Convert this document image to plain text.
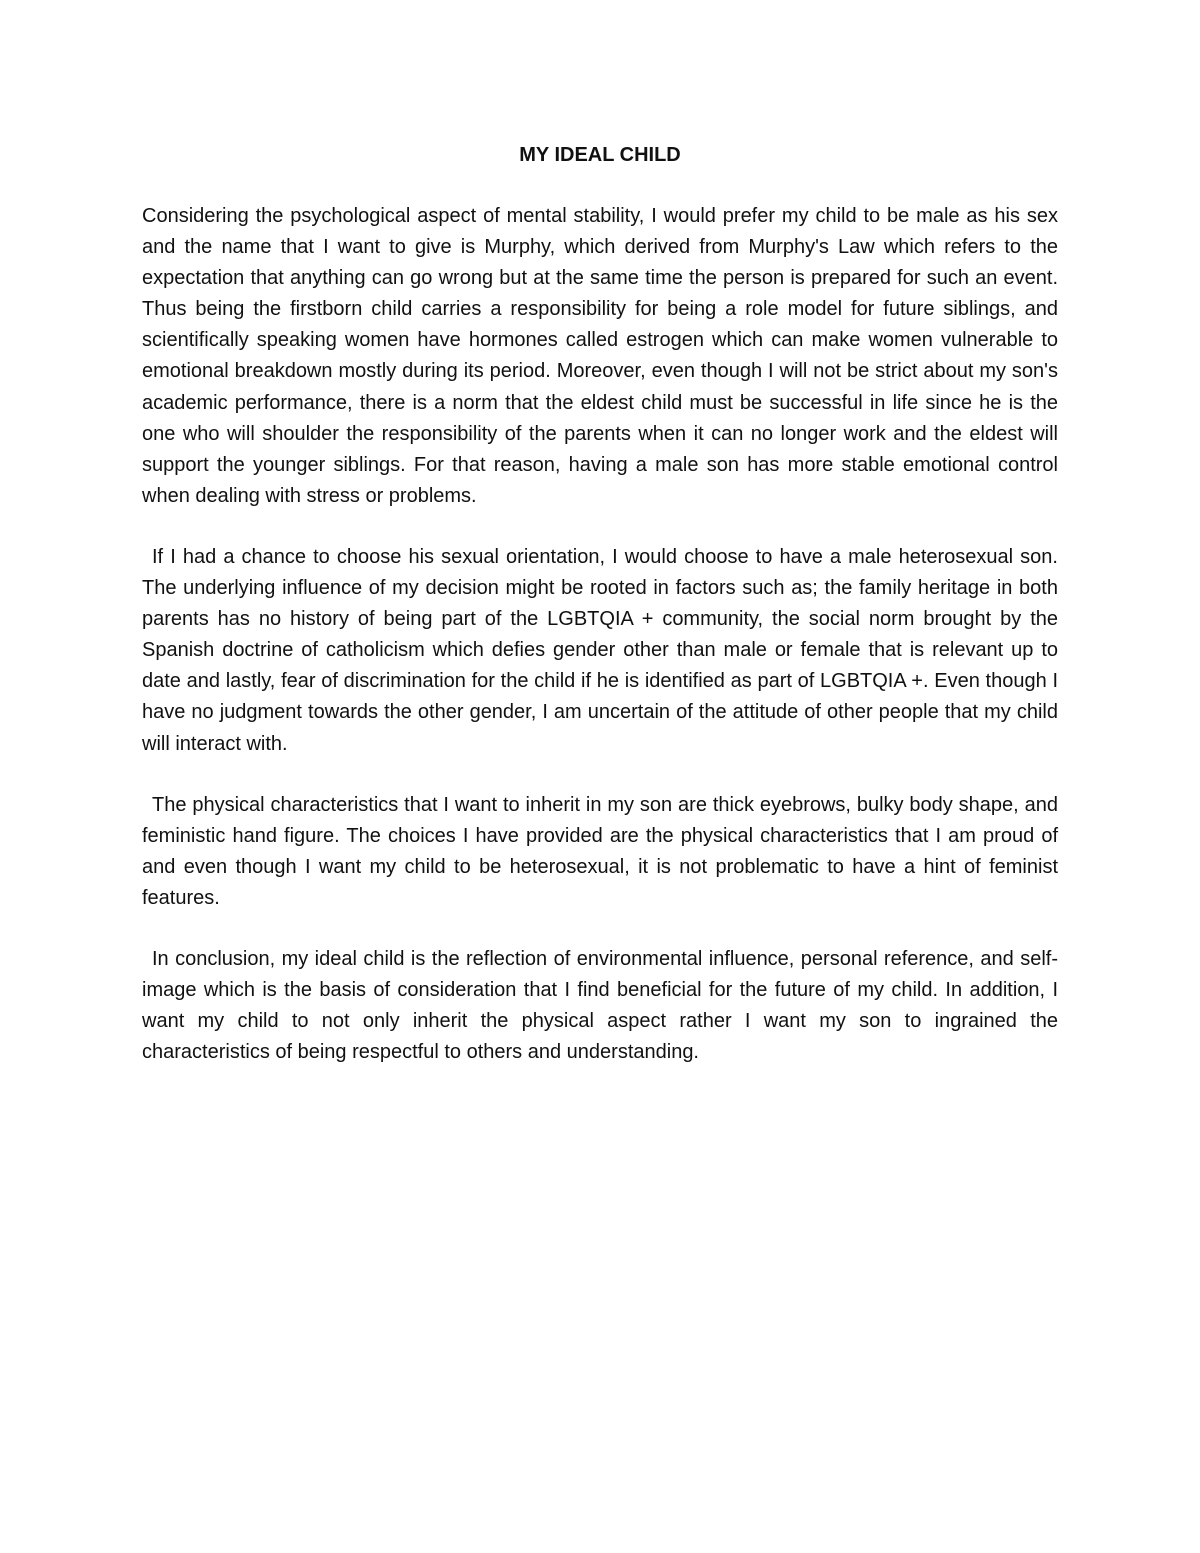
MY IDEAL CHILD

Considering the psychological aspect of mental stability, I would prefer my child to be male as his sex and the name that I want to give is Murphy, which derived from Murphy's Law which refers to the expectation that anything can go wrong but at the same time the person is prepared for such an event. Thus being the firstborn child carries a responsibility for being a role model for future siblings, and scientifically speaking women have hormones called estrogen which can make women vulnerable to emotional breakdown mostly during its period. Moreover, even though I will not be strict about my son's academic performance, there is a norm that the eldest child must be successful in life since he is the one who will shoulder the responsibility of the parents when it can no longer work and the eldest will support the younger siblings. For that reason, having a male son has more stable emotional control when dealing with stress or problems.

If I had a chance to choose his sexual orientation, I would choose to have a male heterosexual son. The underlying influence of my decision might be rooted in factors such as; the family heritage in both parents has no history of being part of the LGBTQIA + community, the social norm brought by the Spanish doctrine of catholicism which defies gender other than male or female that is relevant up to date and lastly, fear of discrimination for the child if he is identified as part of LGBTQIA +. Even though I have no judgment towards the other gender, I am uncertain of the attitude of other people that my child will interact with.

The physical characteristics that I want to inherit in my son are thick eyebrows, bulky body shape, and feministic hand figure. The choices I have provided are the physical characteristics that I am proud of and even though I want my child to be heterosexual, it is not problematic to have a hint of feminist features.

In conclusion, my ideal child is the reflection of environmental influence, personal reference, and self-image which is the basis of consideration that I find beneficial for the future of my child. In addition, I want my child to not only inherit the physical aspect rather I want my son to ingrained the characteristics of being respectful to others and understanding.
